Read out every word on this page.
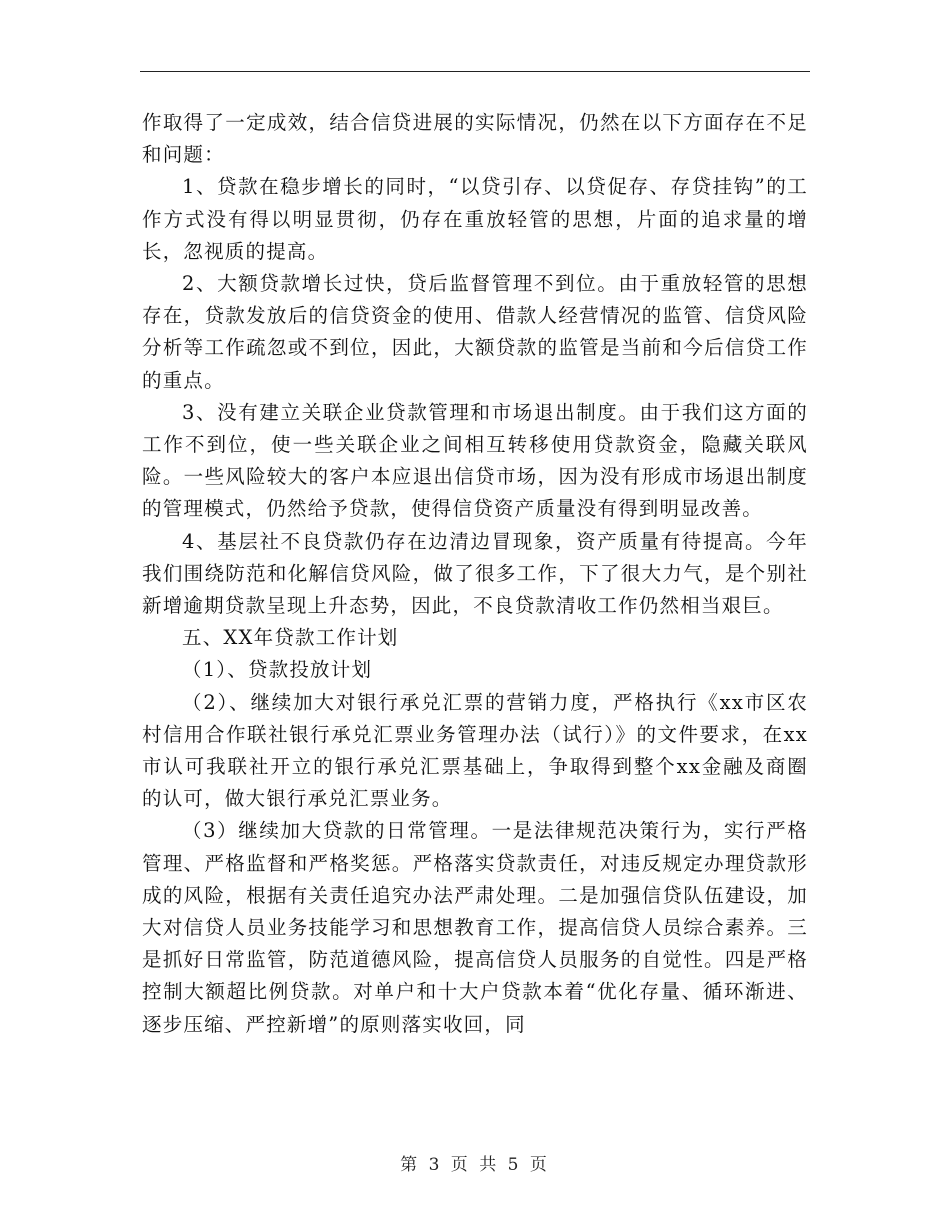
作取得了一定成效，结合信贷进展的实际情况，仍然在以下方面存在不足和问题：

1、贷款在稳步增长的同时，“以贷引存、以贷促存、存贷挂钩”的工作方式没有得以明显贯彻，仍存在重放轻管的思想，片面的追求量的增长，忽视质的提高。

2、大额贷款增长过快，贷后监督管理不到位。由于重放轻管的思想存在，贷款发放后的信贷资金的使用、借款人经营情况的监管、信贷风险分析等工作疏忽或不到位，因此，大额贷款的监管是当前和今后信贷工作的重点。

3、没有建立关联企业贷款管理和市场退出制度。由于我们这方面的工作不到位，使一些关联企业之间相互转移使用贷款资金，隐藏关联风险。一些风险较大的客户本应退出信贷市场，因为没有形成市场退出制度的管理模式，仍然给予贷款，使得信贷资产质量没有得到明显改善。

4、基层社不良贷款仍存在边清边冒现象，资产质量有待提高。今年我们围绕防范和化解信贷风险，做了很多工作，下了很大力气，是个别社新增逾期贷款呈现上升态势，因此，不良贷款清收工作仍然相当艰巨。

五、XX年贷款工作计划

（1）、贷款投放计划

（2）、继续加大对银行承兑汇票的营销力度，严格执行《xx市区农村信用合作联社银行承兑汇票业务管理办法（试行）》的文件要求，在xx市认可我联社开立的银行承兑汇票基础上，争取得到整个xx金融及商圈的认可，做大银行承兑汇票业务。

（3）继续加大贷款的日常管理。一是法律规范决策行为，实行严格管理、严格监督和严格奖惩。严格落实贷款责任，对违反规定办理贷款形成的风险，根据有关责任追究办法严肃处理。二是加强信贷队伍建设，加大对信贷人员业务技能学习和思想教育工作，提高信贷人员综合素养。三是抓好日常监管，防范道德风险，提高信贷人员服务的自觉性。四是严格控制大额超比例贷款。对单户和十大户贷款本着“优化存量、循环渐进、逐步压缩、严控新增”的原则落实收回，同

第 3 页 共 5 页
